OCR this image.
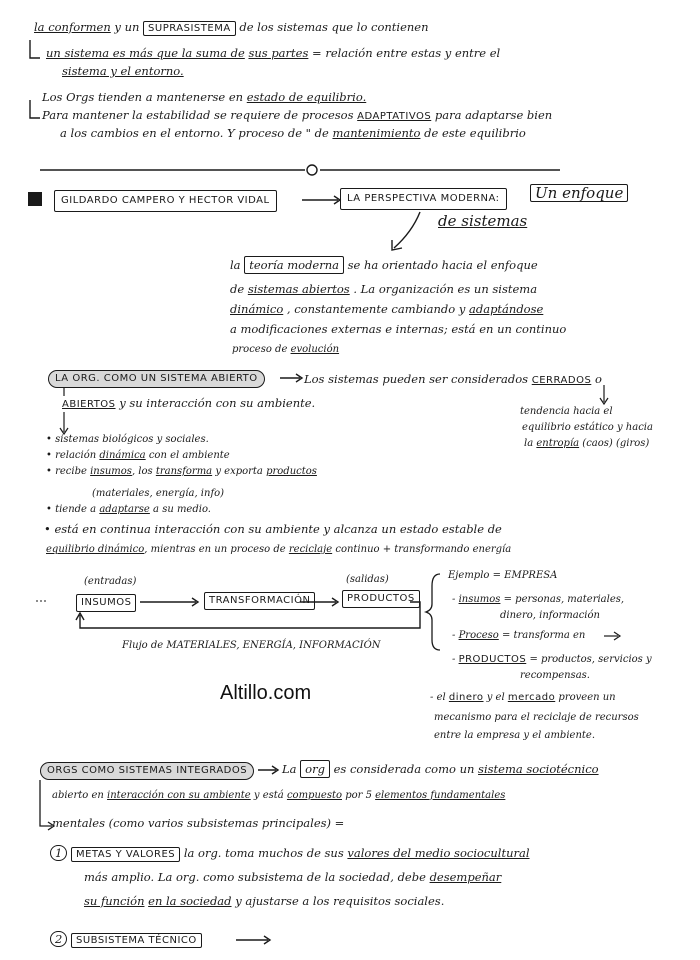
la conformen y un SUPRASISTEMA de los sistemas que lo contienen
un sistema es más que la suma de sus partes = relación entre estas y entre el
sistema y el entorno.
Los Orgs tienden a mantenerse en estado de equilibrio.
Para mantener la estabilidad se requiere de procesos ADAPTATIVOS para adaptarse bien
a los cambios en el entorno. Y proceso de " de mantenimiento de este equilibrio
GILDARDO CAMPERO Y HECTOR VIDAL	LA PERSPECTIVA MODERNA:	Un enfoque
de sistemas
la teoría moderna se ha orientado hacia el enfoque
de sistemas abiertos . La organización es un sistema
dinámico , constantemente cambiando y adaptándose
a modificaciones externas e internas; está en un continuo
proceso de evolución
LA ORG. COMO UN SISTEMA ABIERTO	Los sistemas pueden ser considerados CERRADOS o
ABIERTOS y su interacción con su ambiente.
tendencia hacia el
equilibrio estático y hacia
la entropía (caos) (giros)
• sistemas biológicos y sociales.
• relación dinámica con el ambiente
• recibe insumos, los transforma y exporta productos
(materiales, energía, info)
• tiende a adaptarse a su medio.
• está en continua interacción con su ambiente y alcanza un estado estable de
equilibrio dinámico, mientras en un proceso de reciclaje continuo + transformando energía
(entradas)
INSUMOS	TRANSFORMACIÓN
(salidas)
PRODUCTOS
Flujo de MATERIALES, ENERGÍA, INFORMACIÓN
Ejemplo = EMPRESA
- insumos = personas, materiales,
dinero, información
- Proceso = transforma en
- PRODUCTOS = productos, servicios y
recompensas.
- el dinero y el mercado proveen un
mecanismo para el reciclaje de recursos
entre la empresa y el ambiente.
Altillo.com
ORGS COMO SISTEMAS INTEGRADOS	La org es considerada como un sistema sociotécnico
abierto en interacción con su ambiente y está compuesto por 5 elementos fundamentales
mentales (como varios subsistemas principales) =
1 METAS Y VALORES la org. toma muchos de sus valores del medio sociocultural
más amplio. La org. como subsistema de la sociedad, debe desempeñar
su función en la sociedad y ajustarse a los requisitos sociales.
2 SUBSISTEMA TÉCNICO
